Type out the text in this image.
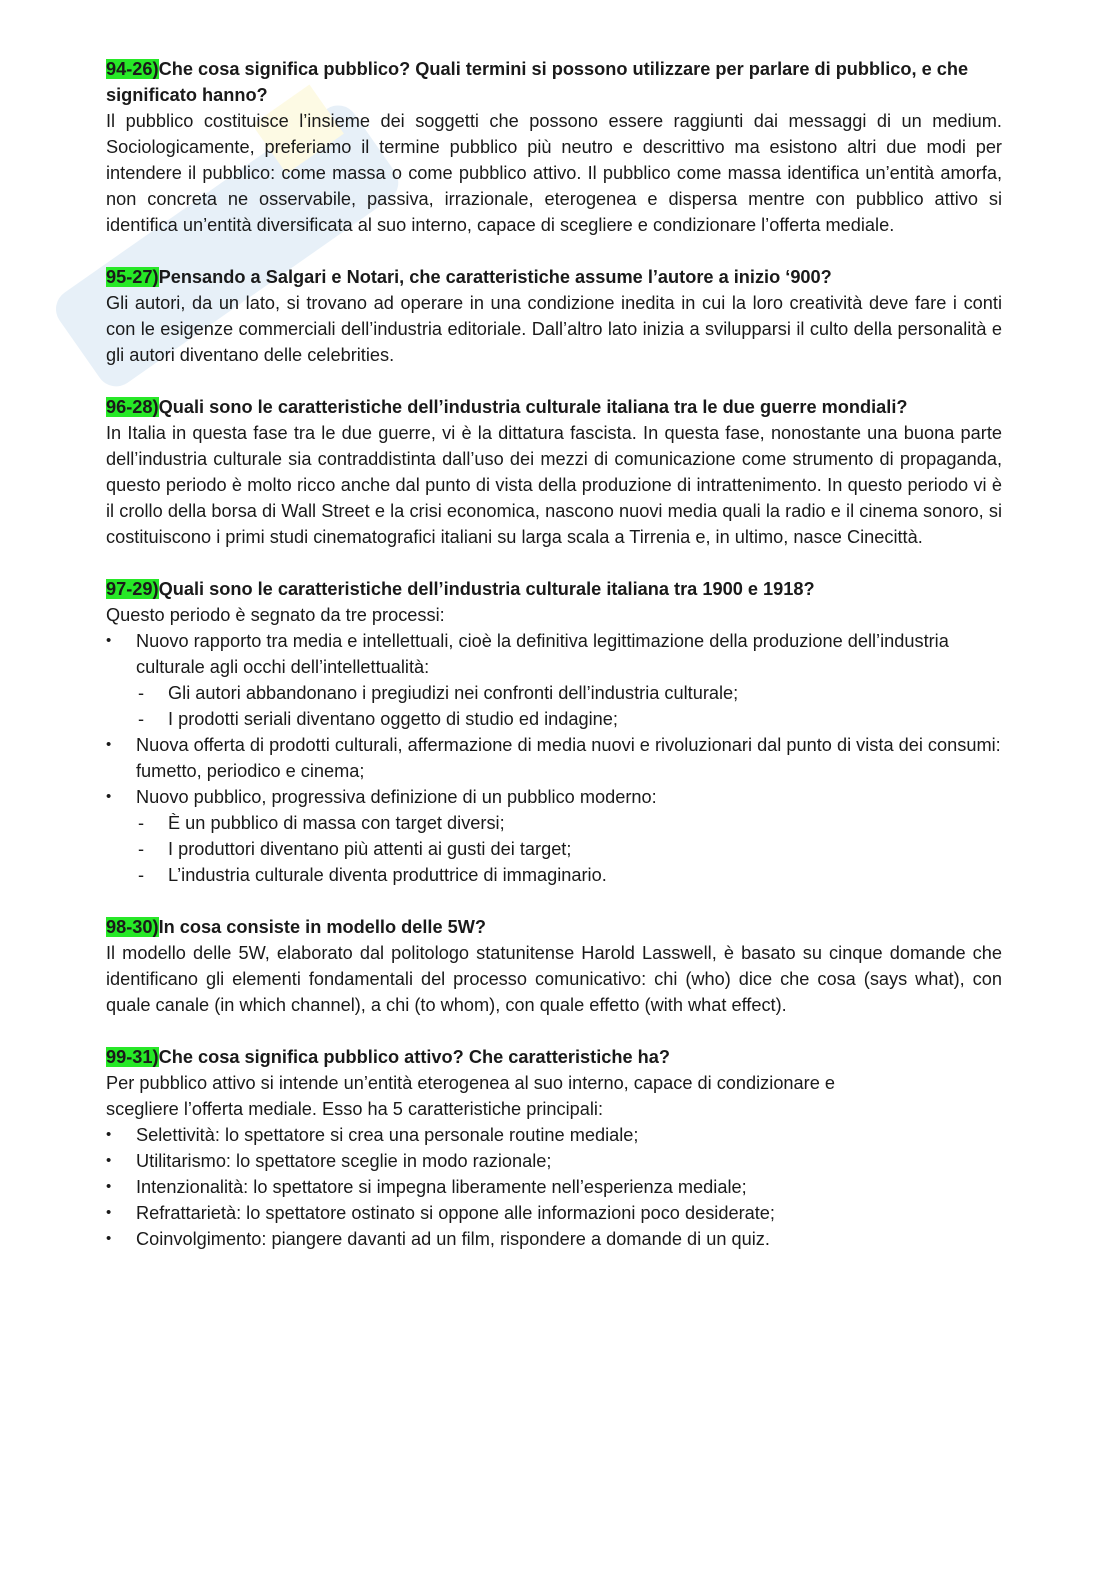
94-26)Che cosa significa pubblico? Quali termini si possono utilizzare per parlare di pubblico, e che significato hanno?

Il pubblico costituisce l’insieme dei soggetti che possono essere raggiunti dai messaggi di un medium. Sociologicamente, preferiamo il termine pubblico più neutro e descrittivo ma esistono altri due modi per intendere il pubblico: come massa o come pubblico attivo. Il pubblico come massa identifica un’entità amorfa, non concreta ne osservabile, passiva, irrazionale, eterogenea e dispersa mentre con pubblico attivo si identifica un’entità diversificata al suo interno, capace di scegliere e condizionare l’offerta mediale.

95-27)Pensando a Salgari e Notari, che caratteristiche assume l’autore a inizio ‘900?

Gli autori, da un lato, si trovano ad operare in una condizione inedita in cui la loro creatività deve fare i conti con le esigenze commerciali dell’industria editoriale. Dall’altro lato inizia a svilupparsi il culto della personalità e gli autori diventano delle celebrities.

96-28)Quali sono le caratteristiche dell’industria culturale italiana tra le due guerre mondiali?

In Italia in questa fase tra le due guerre, vi è la dittatura fascista. In questa fase, nonostante una buona parte dell’industria culturale sia contraddistinta dall’uso dei mezzi di comunicazione come strumento di propaganda, questo periodo è molto ricco anche dal punto di vista della produzione di intrattenimento. In questo periodo vi è il crollo della borsa di Wall Street e la crisi economica, nascono nuovi media quali la radio e il cinema sonoro, si costituiscono i primi studi cinematografici italiani su larga scala a Tirrenia e, in ultimo, nasce Cinecittà.

97-29)Quali sono le caratteristiche dell’industria culturale italiana tra 1900 e 1918?

Questo periodo è segnato da tre processi:

• Nuovo rapporto tra media e intellettuali, cioè la definitiva legittimazione della produzione dell’industria culturale agli occhi dell’intellettualità:
- Gli autori abbandonano i pregiudizi nei confronti dell’industria culturale;
- I prodotti seriali diventano oggetto di studio ed indagine;
• Nuova offerta di prodotti culturali, affermazione di media nuovi e rivoluzionari dal punto di vista dei consumi: fumetto, periodico e cinema;
• Nuovo pubblico, progressiva definizione di un pubblico moderno:
- È un pubblico di massa con target diversi;
- I produttori diventano più attenti ai gusti dei target;
- L’industria culturale diventa produttrice di immaginario.

98-30)In cosa consiste in modello delle 5W?

Il modello delle 5W, elaborato dal politologo statunitense Harold Lasswell, è basato su cinque domande che identificano gli elementi fondamentali del processo comunicativo: chi (who) dice che cosa (says what), con quale canale (in which channel), a chi (to whom), con quale effetto (with what effect).

99-31)Che cosa significa pubblico attivo? Che caratteristiche ha?

Per pubblico attivo si intende un’entità eterogenea al suo interno, capace di condizionare e

scegliere l’offerta mediale. Esso ha 5 caratteristiche principali:

• Selettività: lo spettatore si crea una personale routine mediale;
• Utilitarismo: lo spettatore sceglie in modo razionale;
• Intenzionalità: lo spettatore si impegna liberamente nell’esperienza mediale;
• Refrattarietà: lo spettatore ostinato si oppone alle informazioni poco desiderate;
• Coinvolgimento: piangere davanti ad un film, rispondere a domande di un quiz.
